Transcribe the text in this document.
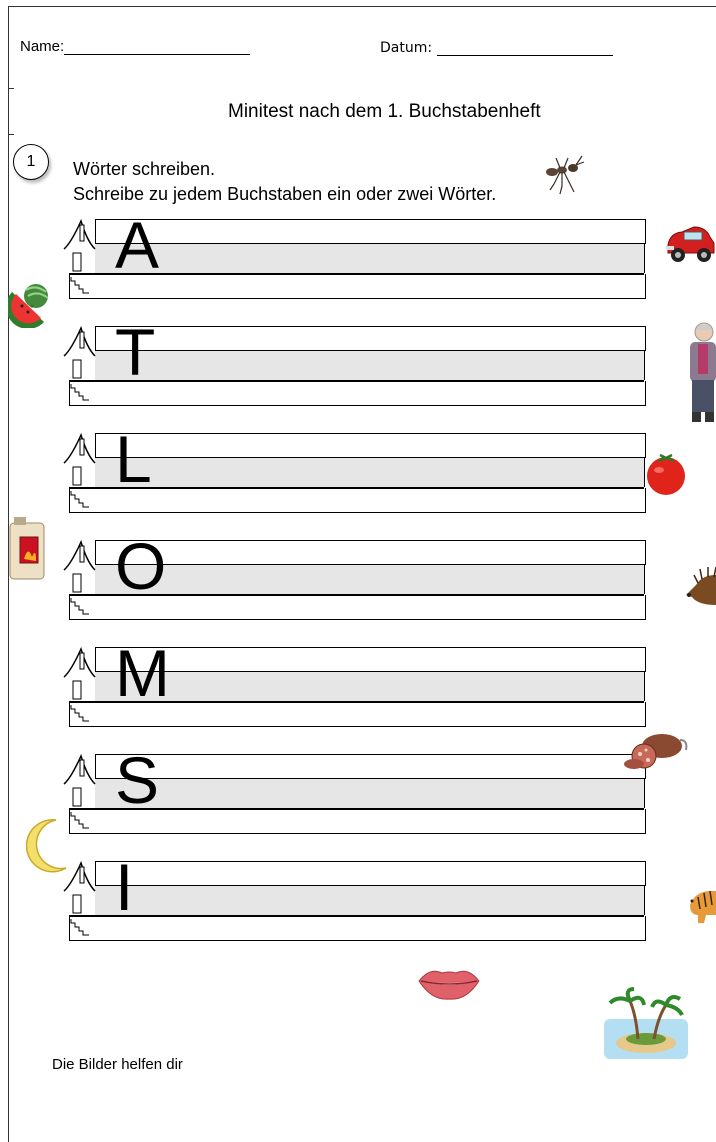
Name:	Datum:
Minitest nach dem 1. Buchstabenheft
1	Wörter schreiben.
Schreibe zu jedem Buchstaben ein oder zwei Wörter.
A
T
L
O
M
S
I
Die Bilder helfen dir
